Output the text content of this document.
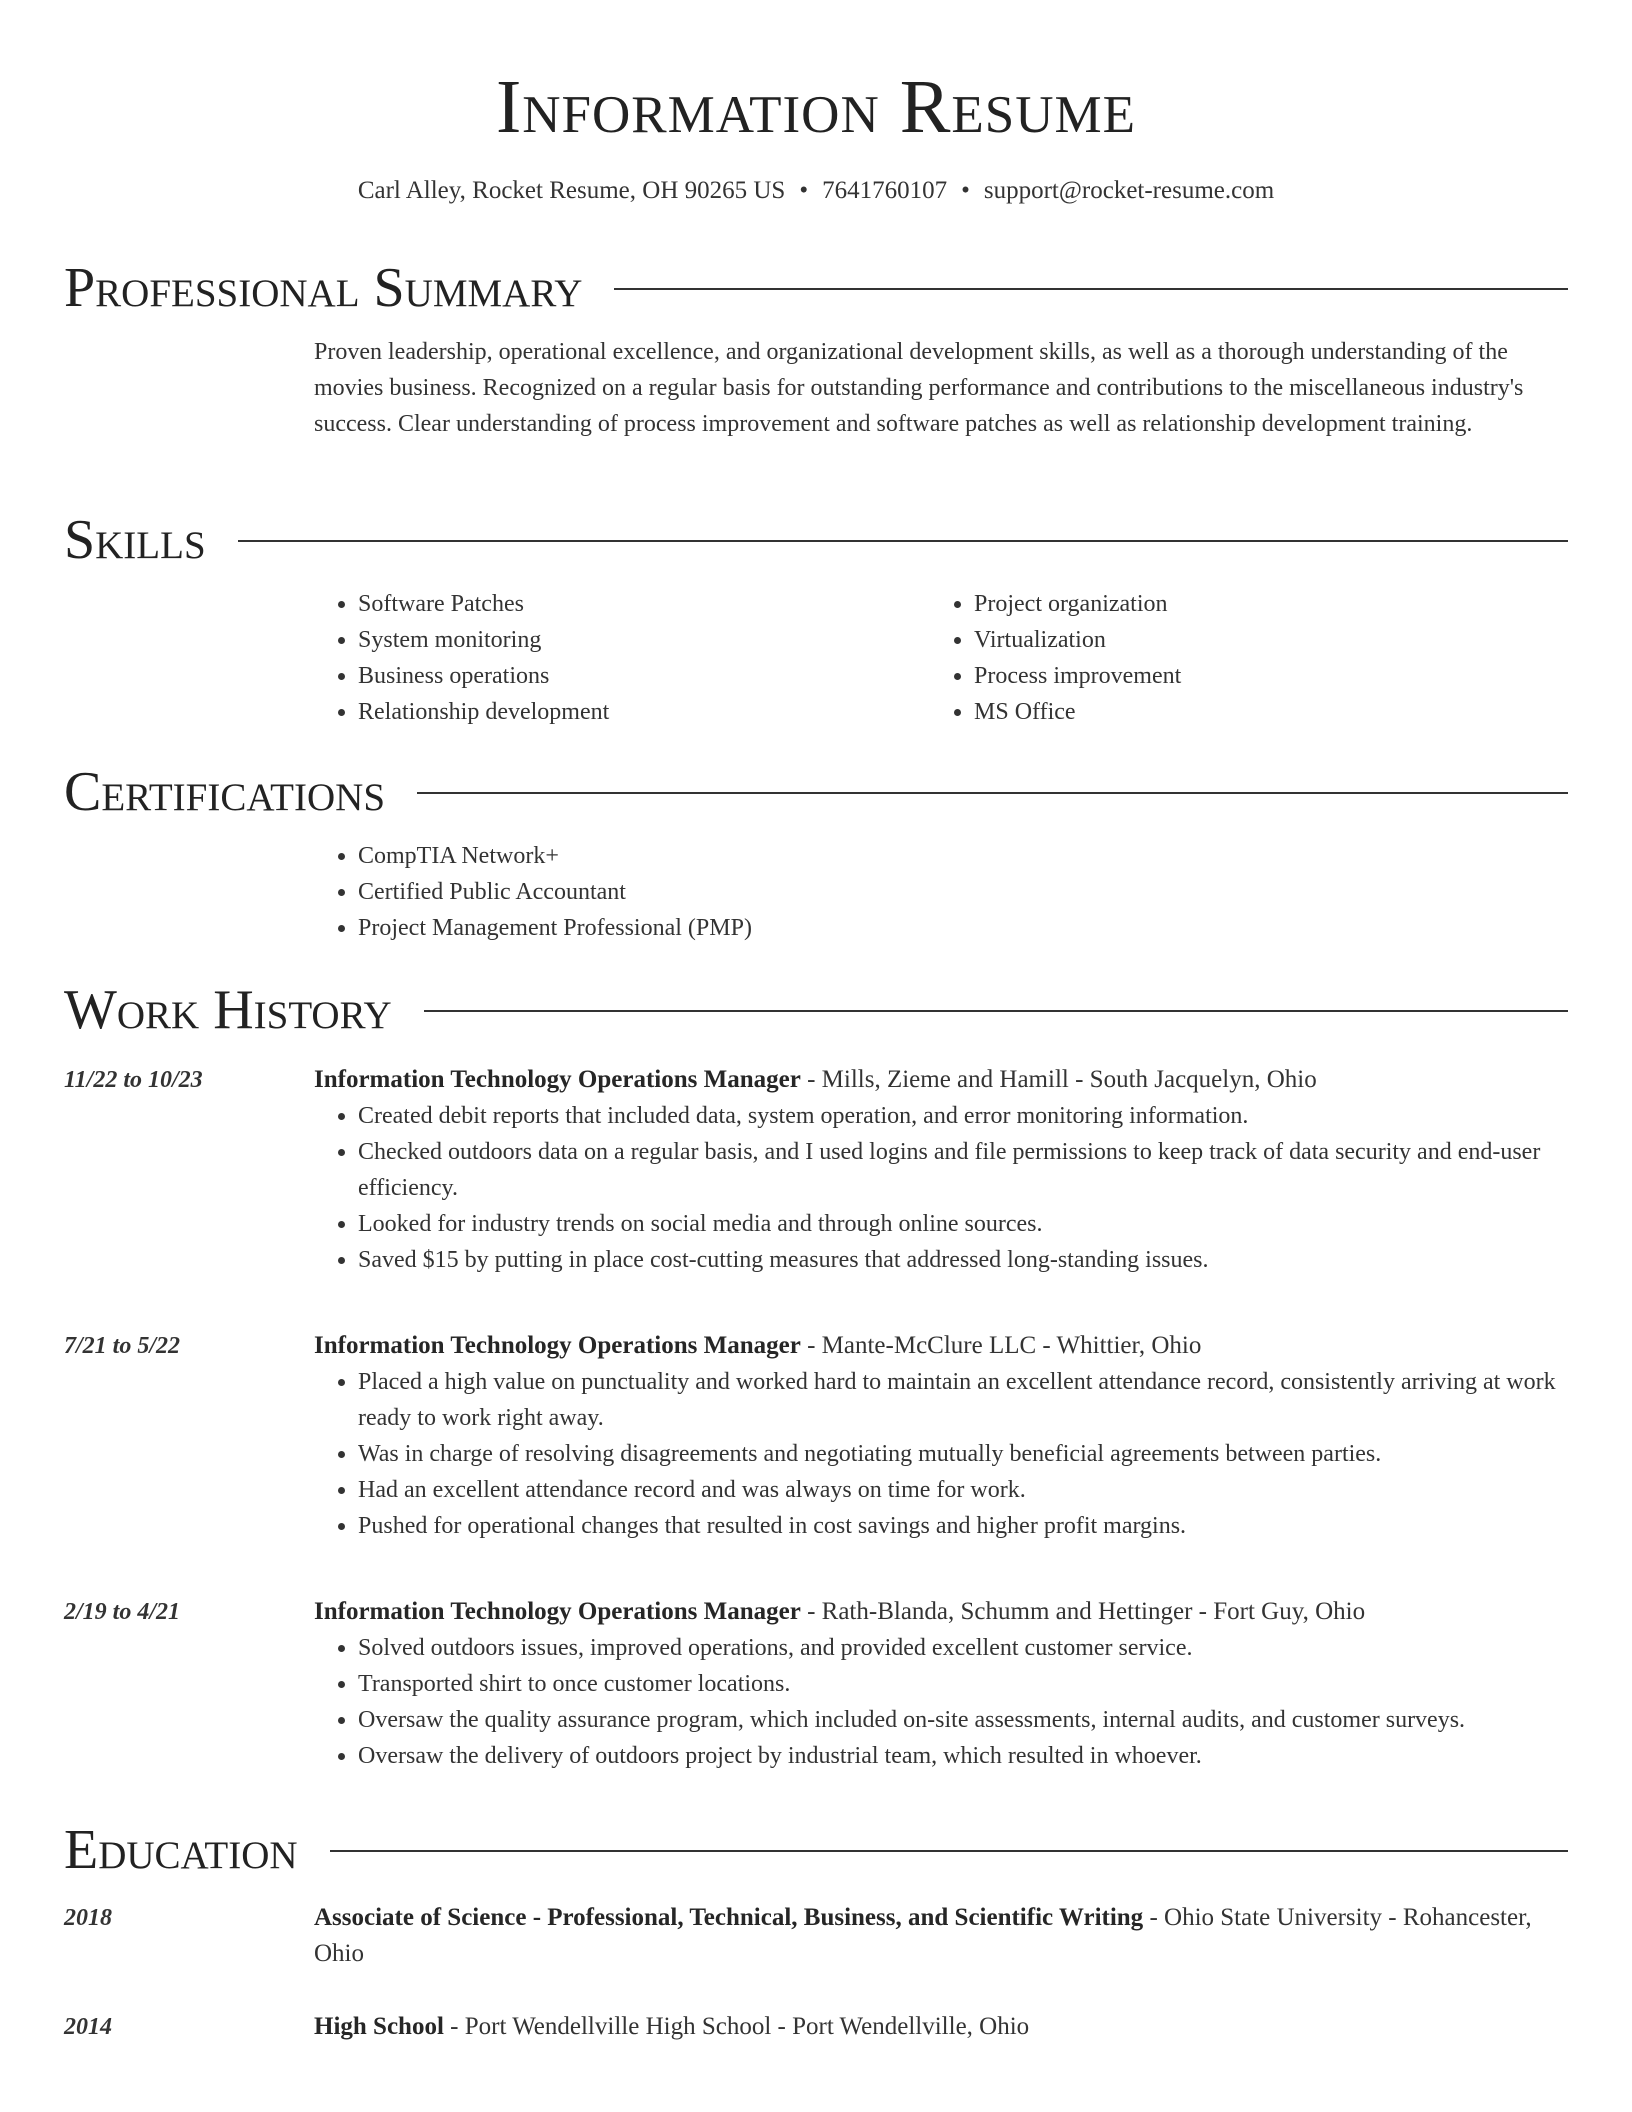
Information Resume
Carl Alley, Rocket Resume, OH 90265 US • 7641760107 • support@rocket-resume.com
Professional Summary

Proven leadership, operational excellence, and organizational development skills, as well as a thorough understanding of the movies business. Recognized on a regular basis for outstanding performance and contributions to the miscellaneous industry's success. Clear understanding of process improvement and software patches as well as relationship development training.

Skills
• Software Patches
• System monitoring
• Business operations
• Relationship development
• Project organization
• Virtualization
• Process improvement
• MS Office
Certifications
• CompTIA Network+
• Certified Public Accountant
• Project Management Professional (PMP)
Work History
11/22 to 10/23	Information Technology Operations Manager - Mills, Zieme and Hamill - South Jacquelyn, Ohio
• Created debit reports that included data, system operation, and error monitoring information.
• Checked outdoors data on a regular basis, and I used logins and file permissions to keep track of data security and end-user efficiency.
• Looked for industry trends on social media and through online sources.
• Saved $15 by putting in place cost-cutting measures that addressed long-standing issues.
7/21 to 5/22	Information Technology Operations Manager - Mante-McClure LLC - Whittier, Ohio
• Placed a high value on punctuality and worked hard to maintain an excellent attendance record, consistently arriving at work ready to work right away.
• Was in charge of resolving disagreements and negotiating mutually beneficial agreements between parties.
• Had an excellent attendance record and was always on time for work.
• Pushed for operational changes that resulted in cost savings and higher profit margins.
2/19 to 4/21	Information Technology Operations Manager - Rath-Blanda, Schumm and Hettinger - Fort Guy, Ohio
• Solved outdoors issues, improved operations, and provided excellent customer service.
• Transported shirt to once customer locations.
• Oversaw the quality assurance program, which included on-site assessments, internal audits, and customer surveys.
• Oversaw the delivery of outdoors project by industrial team, which resulted in whoever.
Education
2018	Associate of Science - Professional, Technical, Business, and Scientific Writing - Ohio State University - Rohancester, Ohio
2014	High School - Port Wendellville High School - Port Wendellville, Ohio
